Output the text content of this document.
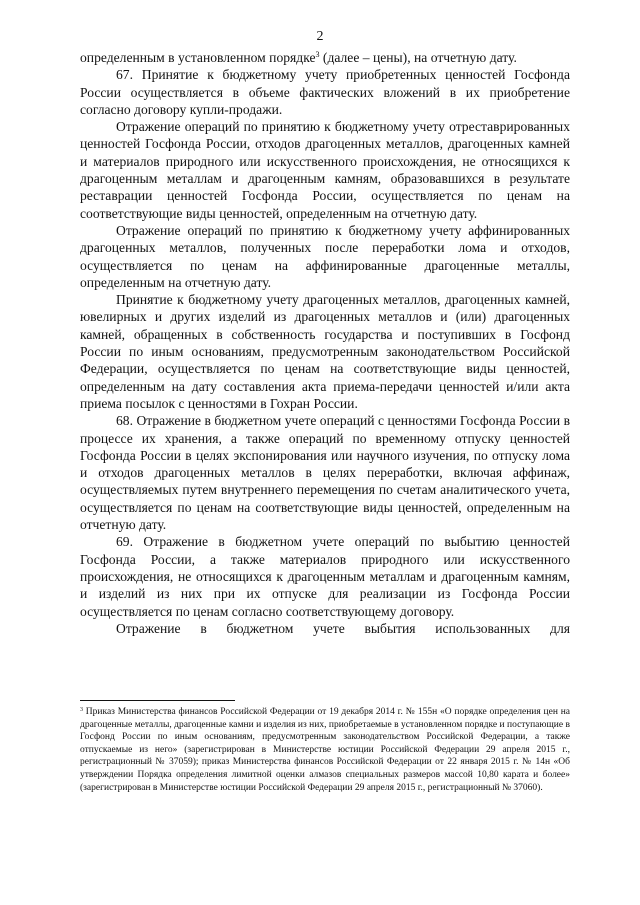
2

определенным в установленном порядке$^3$ (далее – цены), на отчетную дату.

67. Принятие к бюджетному учету приобретенных ценностей Госфонда России осуществляется в объеме фактических вложений в их приобретение согласно договору купли-продажи.

Отражение операций по принятию к бюджетному учету отреставрированных ценностей Госфонда России, отходов драгоценных металлов, драгоценных камней и материалов природного или искусственного происхождения, не относящихся к драгоценным металлам и драгоценным камням, образовавшихся в результате реставрации ценностей Госфонда России, осуществляется по ценам на соответствующие виды ценностей, определенным на отчетную дату.

Отражение операций по принятию к бюджетному учету аффинированных драгоценных металлов, полученных после переработки лома и отходов, осуществляется по ценам на аффинированные драгоценные металлы, определенным на отчетную дату.

Принятие к бюджетному учету драгоценных металлов, драгоценных камней, ювелирных и других изделий из драгоценных металлов и (или) драгоценных камней, обращенных в собственность государства и поступивших в Госфонд России по иным основаниям, предусмотренным законодательством Российской Федерации, осуществляется по ценам на соответствующие виды ценностей, определенным на дату составления акта приема-передачи ценностей и/или акта приема посылок с ценностями в Гохран России.

68. Отражение в бюджетном учете операций с ценностями Госфонда России в процессе их хранения, а также операций по временному отпуску ценностей Госфонда России в целях экспонирования или научного изучения, по отпуску лома и отходов драгоценных металлов в целях переработки, включая аффинаж, осуществляемых путем внутреннего перемещения по счетам аналитического учета, осуществляется по ценам на соответствующие виды ценностей, определенным на отчетную дату.

69. Отражение в бюджетном учете операций по выбытию ценностей Госфонда России, а также материалов природного или искусственного происхождения, не относящихся к драгоценным металлам и драгоценным камням, и изделий из них при их отпуске для реализации из Госфонда России осуществляется по ценам согласно соответствующему договору.

Отражение в бюджетном учете выбытия использованных для

$^3$ Приказ Министерства финансов Российской Федерации от 19 декабря 2014 г. № 155н «О порядке определения цен на драгоценные металлы, драгоценные камни и изделия из них, приобретаемые в установленном порядке и поступающие в Госфонд России по иным основаниям, предусмотренным законодательством Российской Федерации, а также отпускаемые из него» (зарегистрирован в Министерстве юстиции Российской Федерации 29 апреля 2015 г., регистрационный № 37059); приказ Министерства финансов Российской Федерации от 22 января 2015 г. № 14н «Об утверждении Порядка определения лимитной оценки алмазов специальных размеров массой 10,80 карата и более» (зарегистрирован в Министерстве юстиции Российской Федерации 29 апреля 2015 г., регистрационный № 37060).
